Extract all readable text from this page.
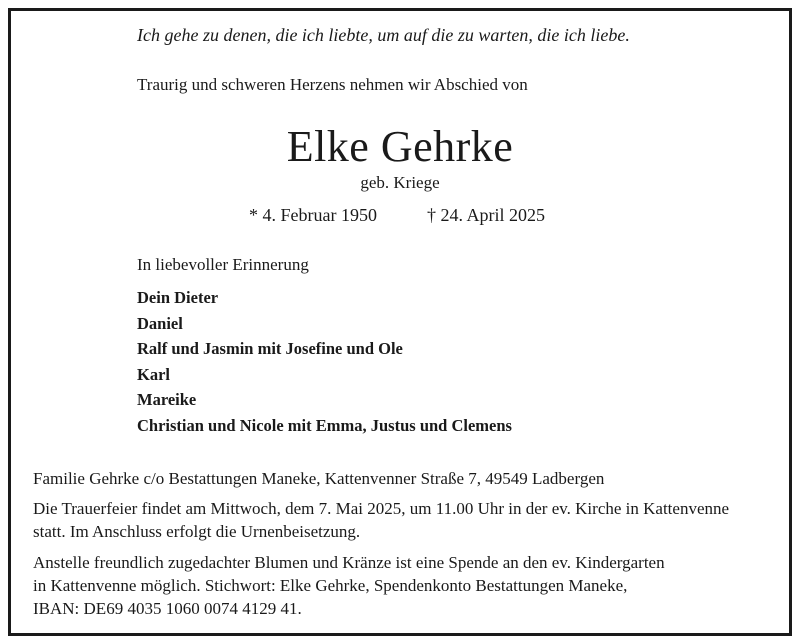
Ich gehe zu denen, die ich liebte, um auf die zu warten, die ich liebe.
Traurig und schweren Herzens nehmen wir Abschied von
Elke Gehrke
geb. Kriege
* 4. Februar 1950	† 24. April 2025
In liebevoller Erinnerung
Dein Dieter
Daniel
Ralf und Jasmin mit Josefine und Ole
Karl
Mareike
Christian und Nicole mit Emma, Justus und Clemens
Familie Gehrke c/o Bestattungen Maneke, Kattenvenner Straße 7, 49549 Ladbergen
Die Trauerfeier findet am Mittwoch, dem 7. Mai 2025, um 11.00 Uhr in der ev. Kirche in Kattenvenne
statt. Im Anschluss erfolgt die Urnenbeisetzung.
Anstelle freundlich zugedachter Blumen und Kränze ist eine Spende an den ev. Kindergarten
in Kattenvenne möglich. Stichwort: Elke Gehrke, Spendenkonto Bestattungen Maneke,
IBAN: DE69 4035 1060 0074 4129 41.
